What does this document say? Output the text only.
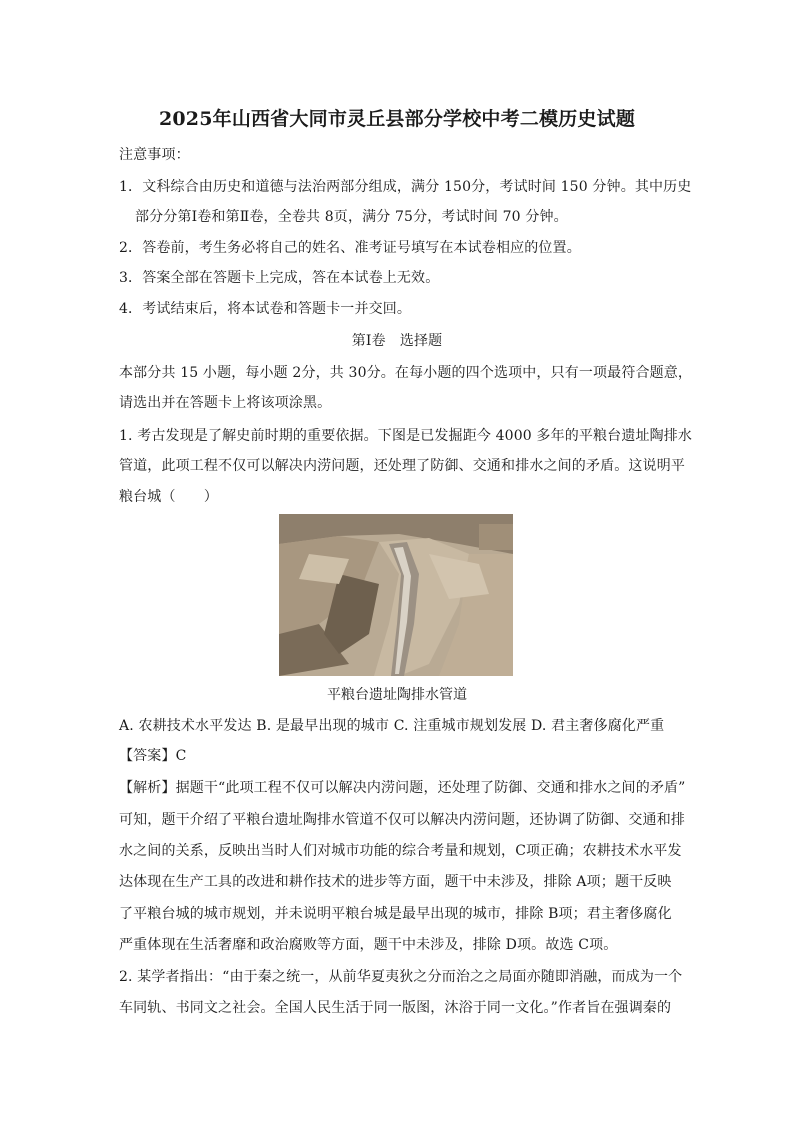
2025年山西省大同市灵丘县部分学校中考二模历史试题
注意事项：
1．文科综合由历史和道德与法治两部分组成，满分 150分，考试时间 150 分钟。其中历史
部分分第Ⅰ卷和第Ⅱ卷，全卷共 8页，满分 75分，考试时间 70 分钟。
2．答卷前，考生务必将自己的姓名、准考证号填写在本试卷相应的位置。
3．答案全部在答题卡上完成，答在本试卷上无效。
4．考试结束后，将本试卷和答题卡一并交回。
第Ⅰ卷　选择题
本部分共 15 小题，每小题 2分，共 30分。在每小题的四个选项中，只有一项最符合题意，
请选出并在答题卡上将该项涂黑。
1. 考古发现是了解史前时期的重要依据。下图是已发掘距今 4000 多年的平粮台遗址陶排水
管道，此项工程不仅可以解决内涝问题，还处理了防御、交通和排水之间的矛盾。这说明平
粮台城（　　）
平粮台遗址陶排水管道
A. 农耕技术水平发达 B. 是最早出现的城市 C. 注重城市规划发展 D. 君主奢侈腐化严重
【答案】C
【解析】据题干“此项工程不仅可以解决内涝问题，还处理了防御、交通和排水之间的矛盾”
可知，题干介绍了平粮台遗址陶排水管道不仅可以解决内涝问题，还协调了防御、交通和排
水之间的关系，反映出当时人们对城市功能的综合考量和规划，C项正确；农耕技术水平发
达体现在生产工具的改进和耕作技术的进步等方面，题干中未涉及，排除 A项；题干反映
了平粮台城的城市规划，并未说明平粮台城是最早出现的城市，排除 B项；君主奢侈腐化
严重体现在生活奢靡和政治腐败等方面，题干中未涉及，排除 D项。故选 C项。
2. 某学者指出：“由于秦之统一，从前华夏夷狄之分而治之之局面亦随即消融，而成为一个
车同轨、书同文之社会。全国人民生活于同一版图，沐浴于同一文化。”作者旨在强调秦的
